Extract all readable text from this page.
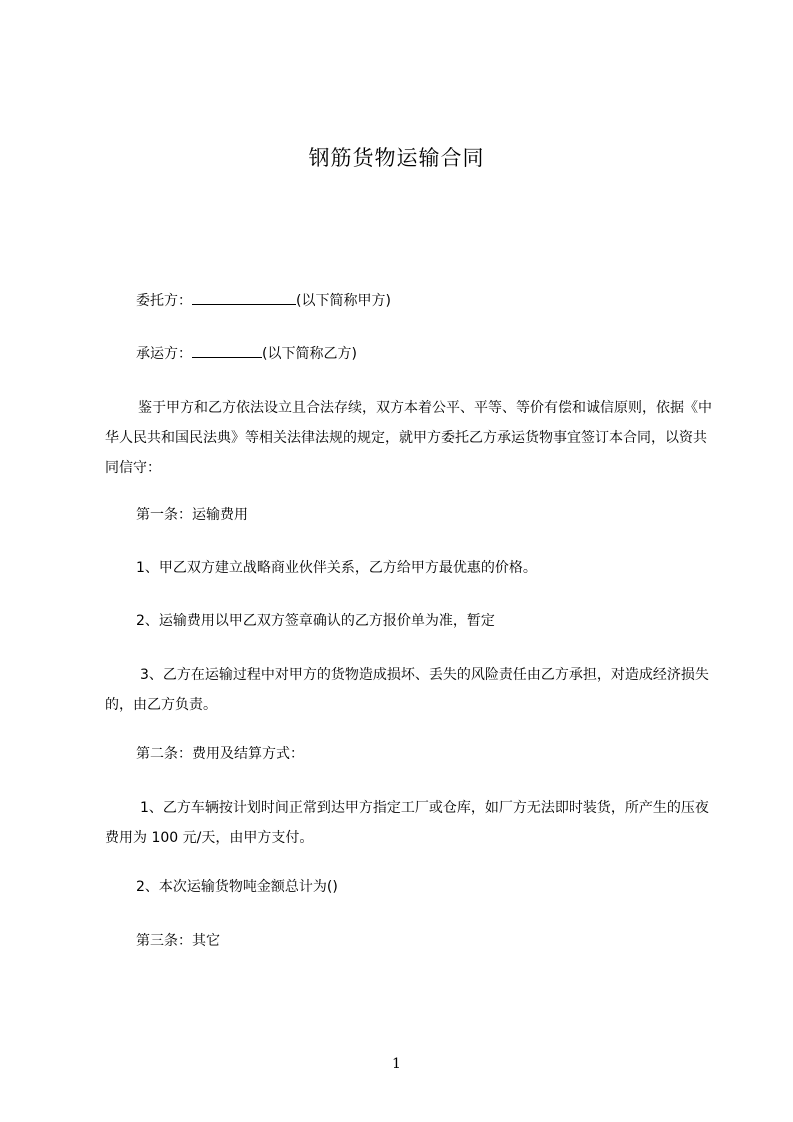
钢筋货物运输合同
委托方：	(以下简称甲方)
承运方：	(以下简称乙方)
鉴于甲方和乙方依法设立且合法存续，双方本着公平、平等、等价有偿和诚信原则，依据《中华人民共和国民法典》等相关法律法规的规定，就甲方委托乙方承运货物事宜签订本合同，以资共同信守：
第一条：运输费用
1、甲乙双方建立战略商业伙伴关系，乙方给甲方最优惠的价格。
2、运输费用以甲乙双方签章确认的乙方报价单为准，暂定
3、乙方在运输过程中对甲方的货物造成损坏、丢失的风险责任由乙方承担，对造成经济损失的，由乙方负责。
第二条：费用及结算方式：
1、乙方车辆按计划时间正常到达甲方指定工厂或仓库，如厂方无法即时装货，所产生的压夜费用为 100 元/天，由甲方支付。
2、本次运输货物吨金额总计为()
第三条：其它
1
